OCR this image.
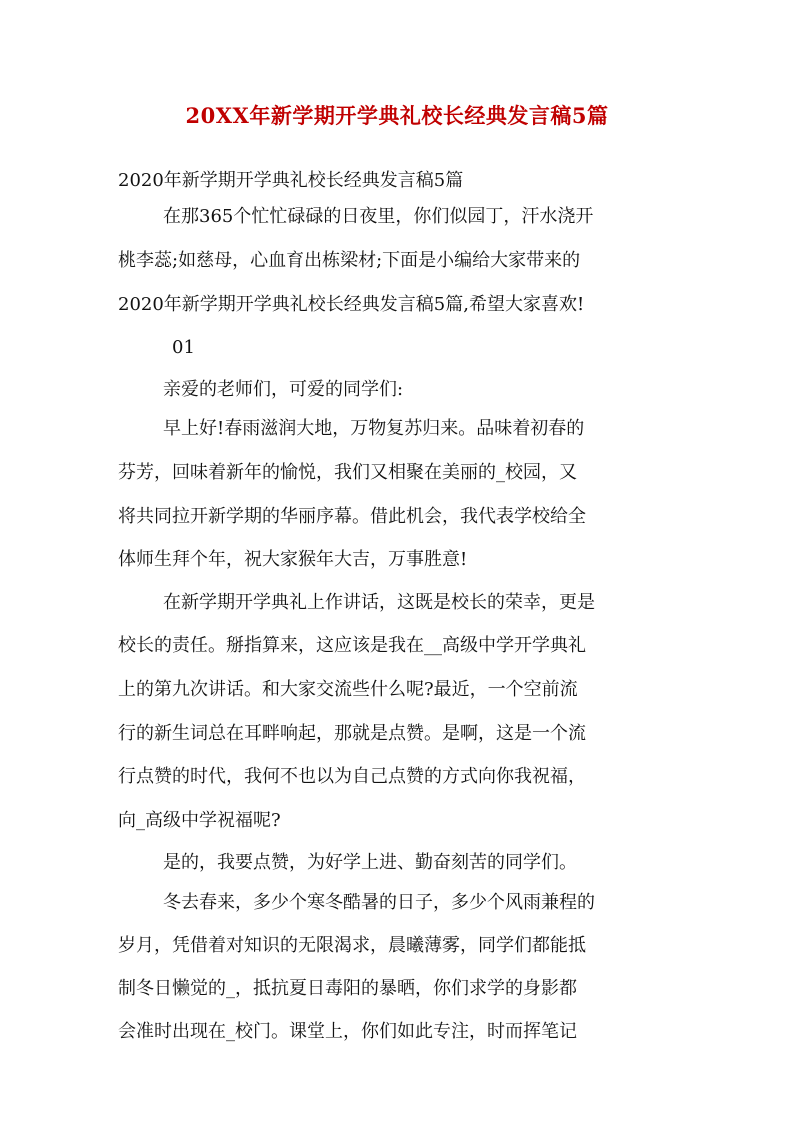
20XX年新学期开学典礼校长经典发言稿5篇
2020年新学期开学典礼校长经典发言稿5篇
在那365个忙忙碌碌的日夜里，你们似园丁，汗水浇开
桃李蕊;如慈母，心血育出栋梁材;下面是小编给大家带来的
2020年新学期开学典礼校长经典发言稿5篇,希望大家喜欢!
01
亲爱的老师们，可爱的同学们:
早上好!春雨滋润大地，万物复苏归来。品味着初春的
芬芳，回味着新年的愉悦，我们又相聚在美丽的_校园，又
将共同拉开新学期的华丽序幕。借此机会，我代表学校给全
体师生拜个年，祝大家猴年大吉，万事胜意!
在新学期开学典礼上作讲话，这既是校长的荣幸，更是
校长的责任。掰指算来，这应该是我在__高级中学开学典礼
上的第九次讲话。和大家交流些什么呢?最近，一个空前流
行的新生词总在耳畔响起，那就是点赞。是啊，这是一个流
行点赞的时代，我何不也以为自己点赞的方式向你我祝福，
向_高级中学祝福呢?
是的，我要点赞，为好学上进、勤奋刻苦的同学们。
冬去春来，多少个寒冬酷暑的日子，多少个风雨兼程的
岁月，凭借着对知识的无限渴求，晨曦薄雾，同学们都能抵
制冬日懒觉的_，抵抗夏日毒阳的暴晒，你们求学的身影都
会准时出现在_校门。课堂上，你们如此专注，时而挥笔记
